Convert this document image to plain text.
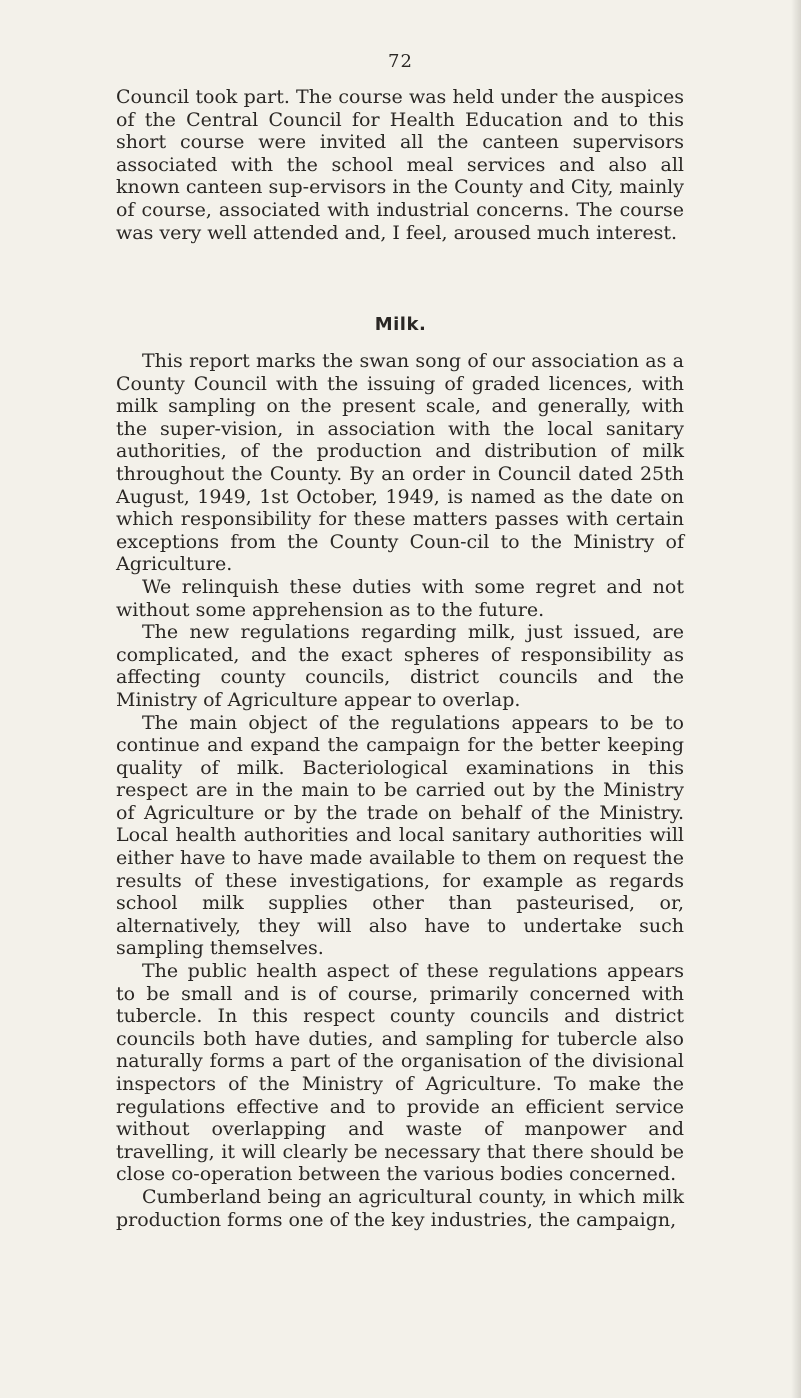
72

Council took part. The course was held under the auspices of the Central Council for Health Education and to this short course were invited all the canteen supervisors associated with the school meal services and also all known canteen sup-ervisors in the County and City, mainly of course, associated with industrial concerns. The course was very well attended and, I feel, aroused much interest.

Milk.

This report marks the swan song of our association as a County Council with the issuing of graded licences, with milk sampling on the present scale, and generally, with the super-vision, in association with the local sanitary authorities, of the production and distribution of milk throughout the County. By an order in Council dated 25th August, 1949, 1st October, 1949, is named as the date on which responsibility for these matters passes with certain exceptions from the County Coun-cil to the Ministry of Agriculture.

We relinquish these duties with some regret and not without some apprehension as to the future.

The new regulations regarding milk, just issued, are complicated, and the exact spheres of responsibility as affecting county councils, district councils and the Ministry of Agriculture appear to overlap.

The main object of the regulations appears to be to continue and expand the campaign for the better keeping quality of milk. Bacteriological examinations in this respect are in the main to be carried out by the Ministry of Agriculture or by the trade on behalf of the Ministry. Local health authorities and local sanitary authorities will either have to have made available to them on request the results of these investigations, for example as regards school milk supplies other than pasteurised, or, alternatively, they will also have to undertake such sampling themselves.

The public health aspect of these regulations appears to be small and is of course, primarily concerned with tubercle. In this respect county councils and district councils both have duties, and sampling for tubercle also naturally forms a part of the organisation of the divisional inspectors of the Ministry of Agriculture. To make the regulations effective and to provide an efficient service without overlapping and waste of manpower and travelling, it will clearly be necessary that there should be close co-operation between the various bodies concerned.

Cumberland being an agricultural county, in which milk production forms one of the key industries, the campaign,
